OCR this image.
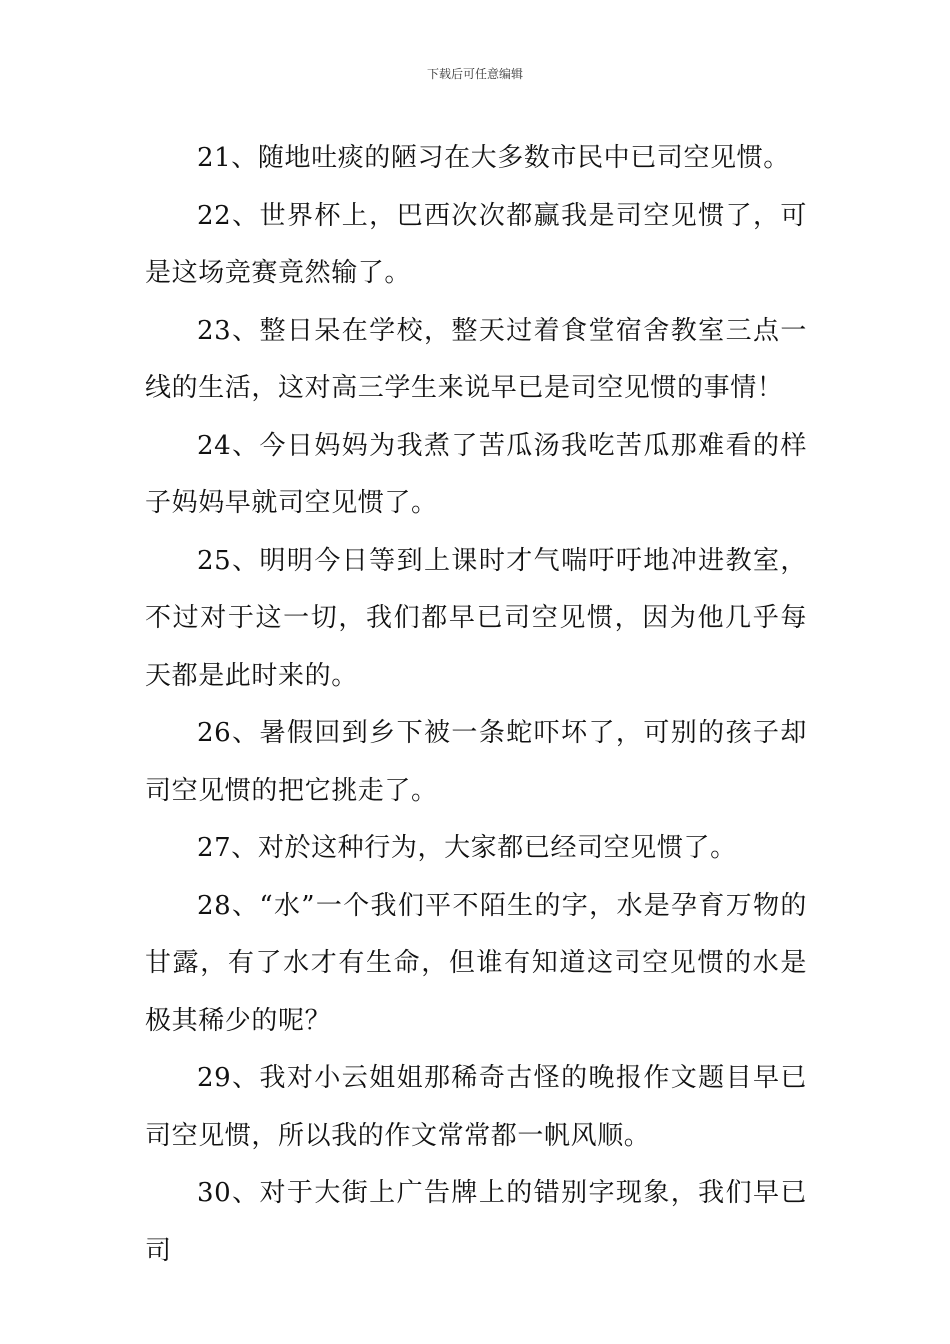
下载后可任意编辑

21、随地吐痰的陋习在大多数市民中已司空见惯。

22、世界杯上，巴西次次都赢我是司空见惯了，可是这场竞赛竟然输了。

23、整日呆在学校，整天过着食堂宿舍教室三点一线的生活，这对高三学生来说早已是司空见惯的事情！

24、今日妈妈为我煮了苦瓜汤我吃苦瓜那难看的样子妈妈早就司空见惯了。

25、明明今日等到上课时才气喘吁吁地冲进教室，不过对于这一切，我们都早已司空见惯，因为他几乎每天都是此时来的。

26、暑假回到乡下被一条蛇吓坏了，可别的孩子却司空见惯的把它挑走了。

27、对於这种行为，大家都已经司空见惯了。

28、“水”一个我们平不陌生的字，水是孕育万物的甘露，有了水才有生命，但谁有知道这司空见惯的水是极其稀少的呢？

29、我对小云姐姐那稀奇古怪的晚报作文题目早已司空见惯，所以我的作文常常都一帆风顺。

30、对于大街上广告牌上的错别字现象，我们早已司
